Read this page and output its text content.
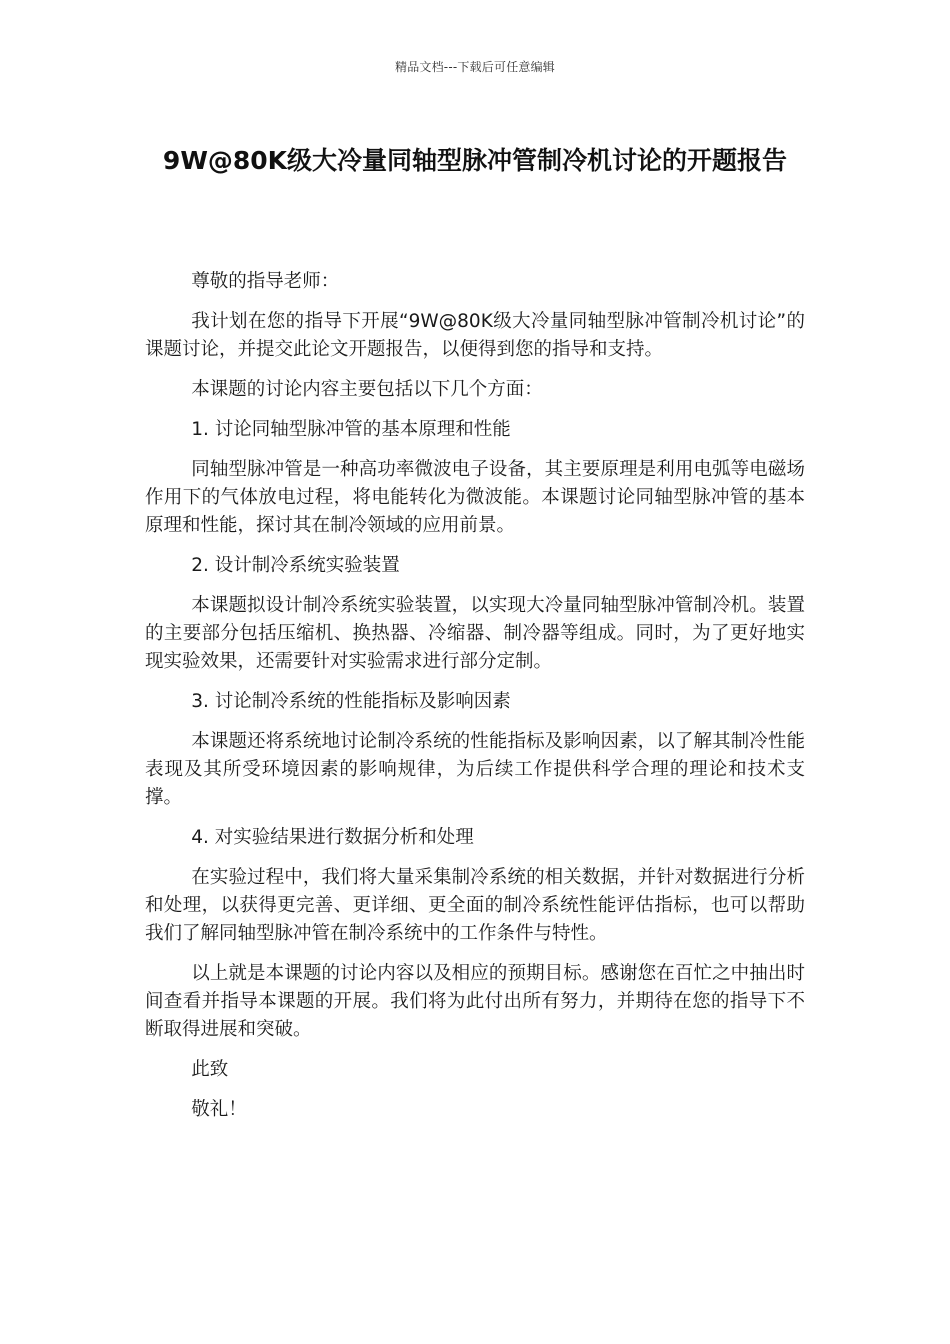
精品文档---下载后可任意编辑
9W@80K级大冷量同轴型脉冲管制冷机讨论的开题报告

尊敬的指导老师：

我计划在您的指导下开展“9W@80K级大冷量同轴型脉冲管制冷机讨论”的课题讨论，并提交此论文开题报告，以便得到您的指导和支持。

本课题的讨论内容主要包括以下几个方面：

1. 讨论同轴型脉冲管的基本原理和性能

同轴型脉冲管是一种高功率微波电子设备，其主要原理是利用电弧等电磁场作用下的气体放电过程，将电能转化为微波能。本课题讨论同轴型脉冲管的基本原理和性能，探讨其在制冷领域的应用前景。

2. 设计制冷系统实验装置

本课题拟设计制冷系统实验装置，以实现大冷量同轴型脉冲管制冷机。装置的主要部分包括压缩机、换热器、冷缩器、制冷器等组成。同时，为了更好地实现实验效果，还需要针对实验需求进行部分定制。

3. 讨论制冷系统的性能指标及影响因素

本课题还将系统地讨论制冷系统的性能指标及影响因素，以了解其制冷性能表现及其所受环境因素的影响规律，为后续工作提供科学合理的理论和技术支撑。

4. 对实验结果进行数据分析和处理

在实验过程中，我们将大量采集制冷系统的相关数据，并针对数据进行分析和处理，以获得更完善、更详细、更全面的制冷系统性能评估指标，也可以帮助我们了解同轴型脉冲管在制冷系统中的工作条件与特性。

以上就是本课题的讨论内容以及相应的预期目标。感谢您在百忙之中抽出时间查看并指导本课题的开展。我们将为此付出所有努力，并期待在您的指导下不断取得进展和突破。

此致

敬礼！
